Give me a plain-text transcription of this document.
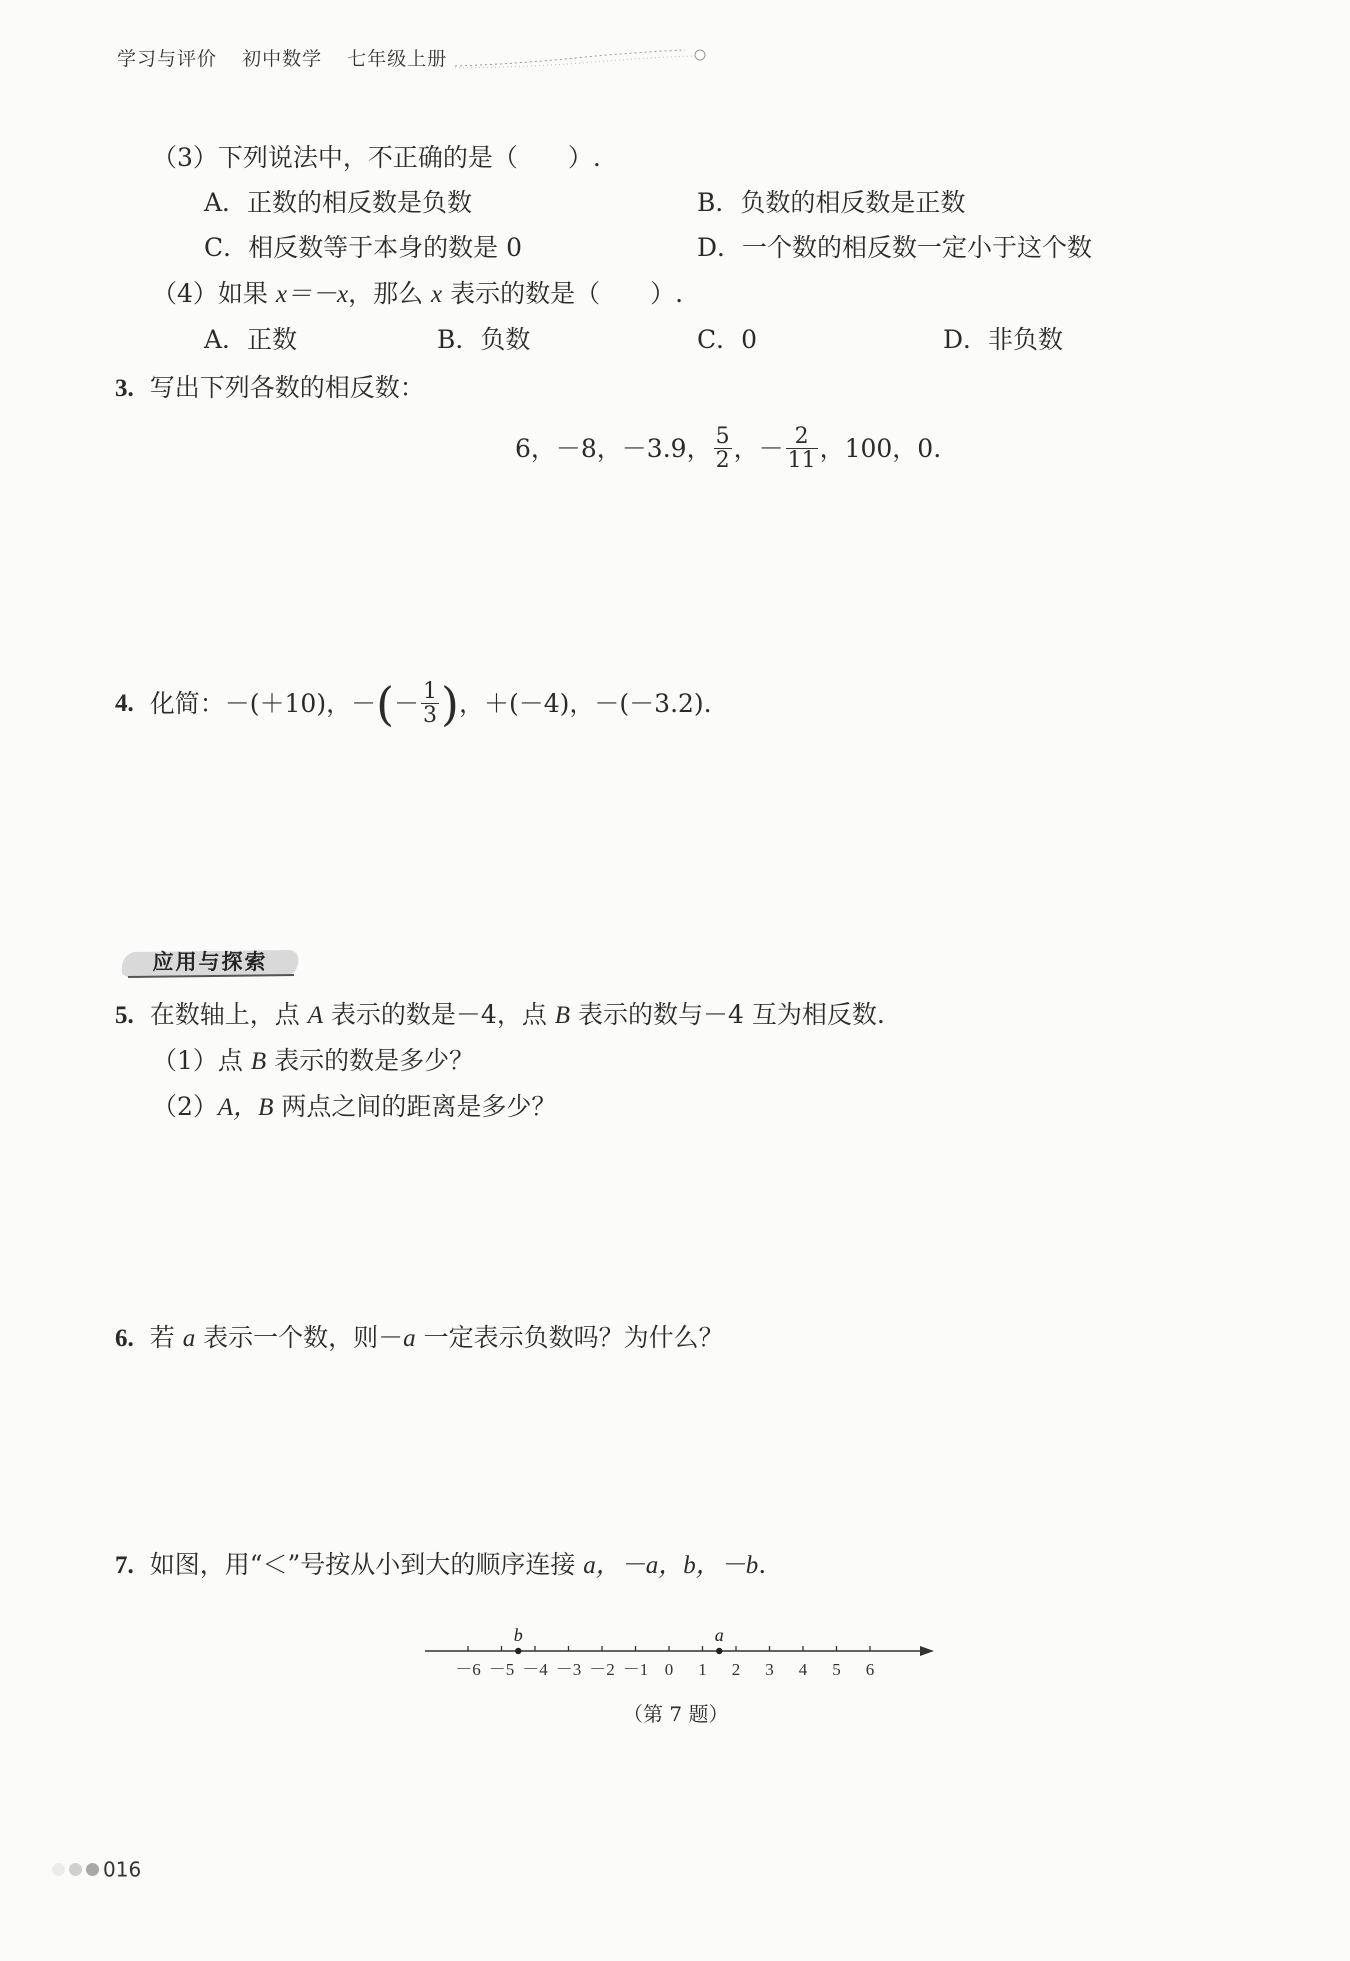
学习与评价 初中数学 七年级上册
（3）下列说法中，不正确的是（　　）.
A．正数的相反数是负数	B．负数的相反数是正数
C．相反数等于本身的数是 0	D．一个数的相反数一定小于这个数
（4）如果 x＝－x，那么 x 表示的数是（　　）.
A．正数	B．负数	C．0	D．非负数
3. 写出下列各数的相反数：
6，－8，－3.9， $\frac{5}{2}$ ，－ $\frac{2}{11}$ ，100，0.
4. 化简：－(＋10)，－ ( － $\frac{1}{3}$ ) ，＋(－4)，－(－3.2).
应用与探索
5. 在数轴上，点 A 表示的数是－4，点 B 表示的数与－4 互为相反数.
（1）点 B 表示的数是多少？
（2）A，B 两点之间的距离是多少？
6. 若 a 表示一个数，则－a 一定表示负数吗？为什么？
7. 如图，用“＜”号按从小到大的顺序连接 a，－a，b，－b.
－6 －5 －4 －3 －2 －1 0 1 2 3 4 5 6
b	a
（第 7 题）
016
